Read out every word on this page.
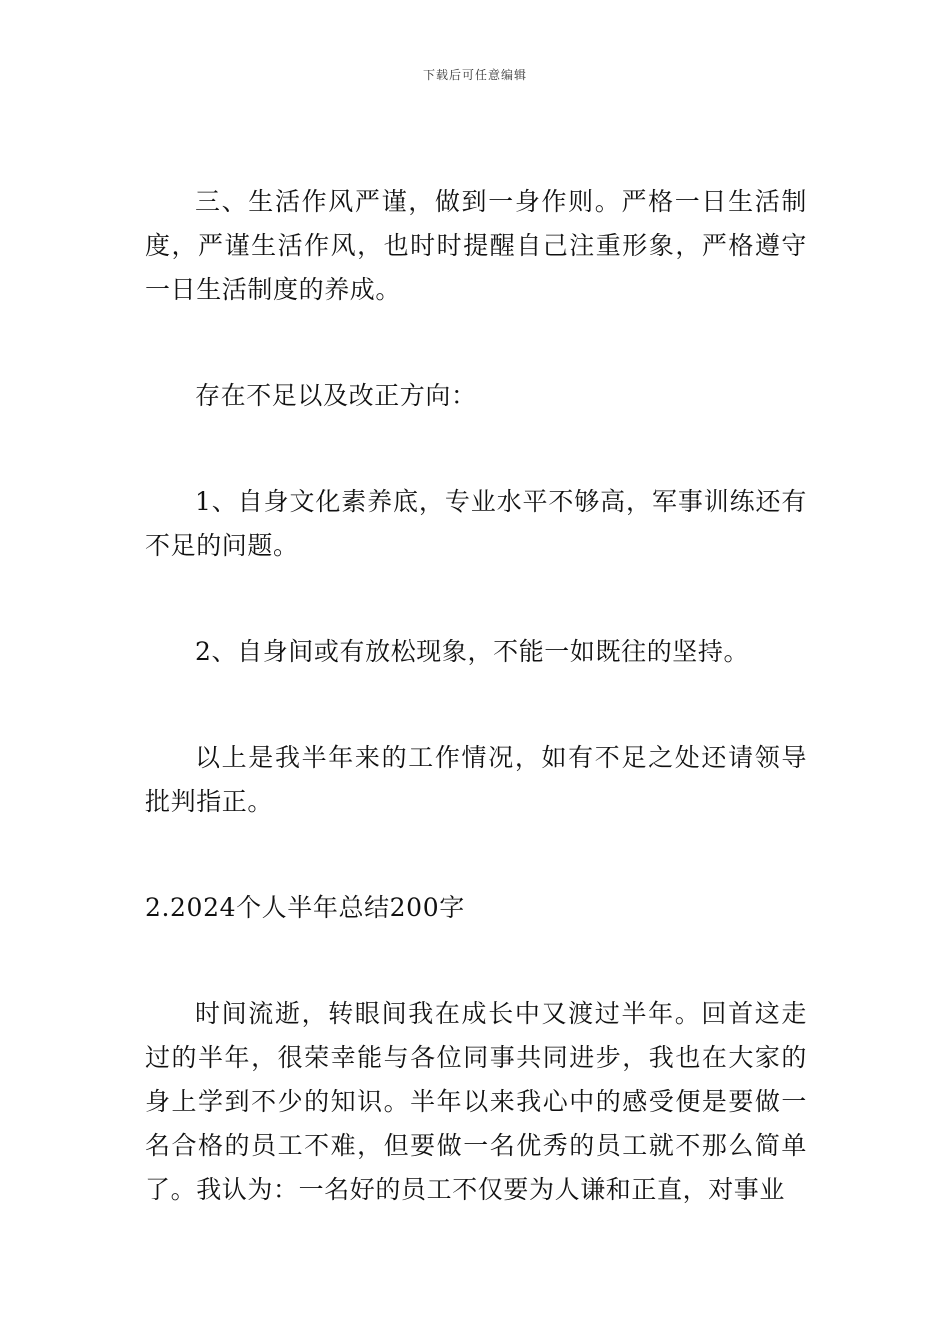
下载后可任意编辑

三、生活作风严谨，做到一身作则。严格一日生活制度，严谨生活作风，也时时提醒自己注重形象，严格遵守一日生活制度的养成。

存在不足以及改正方向：

1、自身文化素养底，专业水平不够高，军事训练还有不足的问题。

2、自身间或有放松现象，不能一如既往的坚持。

以上是我半年来的工作情况，如有不足之处还请领导批判指正。

2.2024个人半年总结200字

时间流逝，转眼间我在成长中又渡过半年。回首这走过的半年，很荣幸能与各位同事共同进步，我也在大家的身上学到不少的知识。半年以来我心中的感受便是要做一名合格的员工不难，但要做一名优秀的员工就不那么简单了。我认为：一名好的员工不仅要为人谦和正直，对事业
